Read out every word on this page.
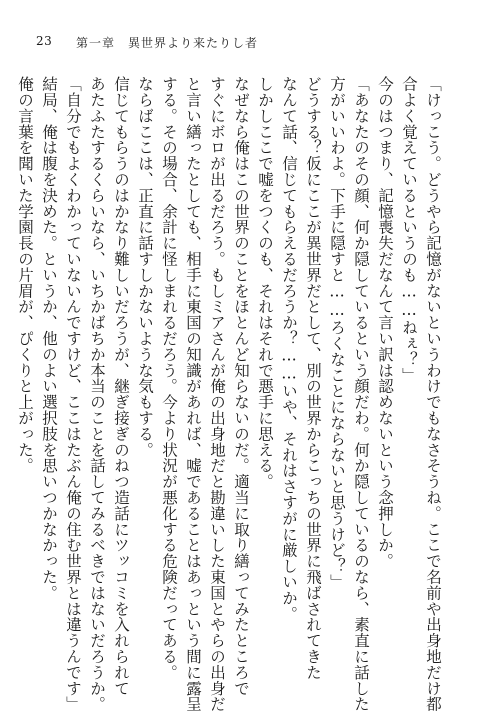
23 第一章　異世界より来たりし者
「けっこう。どうやら記憶がないというわけでもなさそうね。ここで名前や出身地だけ都
合よく覚えているというのも……ねぇ？」
今のはつまり、記憶喪失だなんて言い訳は認めないという念押しか。
「あなたのその顔、何か隠しているという顔だわ。何か隠しているのなら、素直に話した
方がいいわよ。下手に隠すと……ろくなことにならないと思うけど？」
どうする？仮にここが異世界だとして、別の世界からこっちの世界に飛ばされてきた
なんて話、信じてもらえるだろうか？……いや、それはさすがに厳しいか。
しかしここで嘘をつくのも、それはそれで悪手に思える。
なぜなら俺はこの世界のことをほとんど知らないのだ。適当に取り繕ってみたところで
すぐにボロが出るだろう。もしミアさんが俺の出身地だと勘違いした東国とやらの出身だ
と言い繕ったとしても、相手に東国の知識があれば、嘘であることはあっという間に露呈
する。その場合、余計に怪しまれるだろう。今より状況が悪化する危険だってある。
ならばここは、正直に話すしかないような気もする。
信じてもらうのはかなり難しいだろうが、継ぎ接ぎのねつ造話にツッコミを入れられて
あたふたするくらいなら、いちかばちか本当のことを話してみるべきではないだろうか。
「自分でもよくわかっていないんですけど、ここはたぶん俺の住む世界とは違うんです」
結局、俺は腹を決めた。というか、他のよい選択肢を思いつかなかった。
俺の言葉を聞いた学園長の片眉が、ぴくりと上がった。
